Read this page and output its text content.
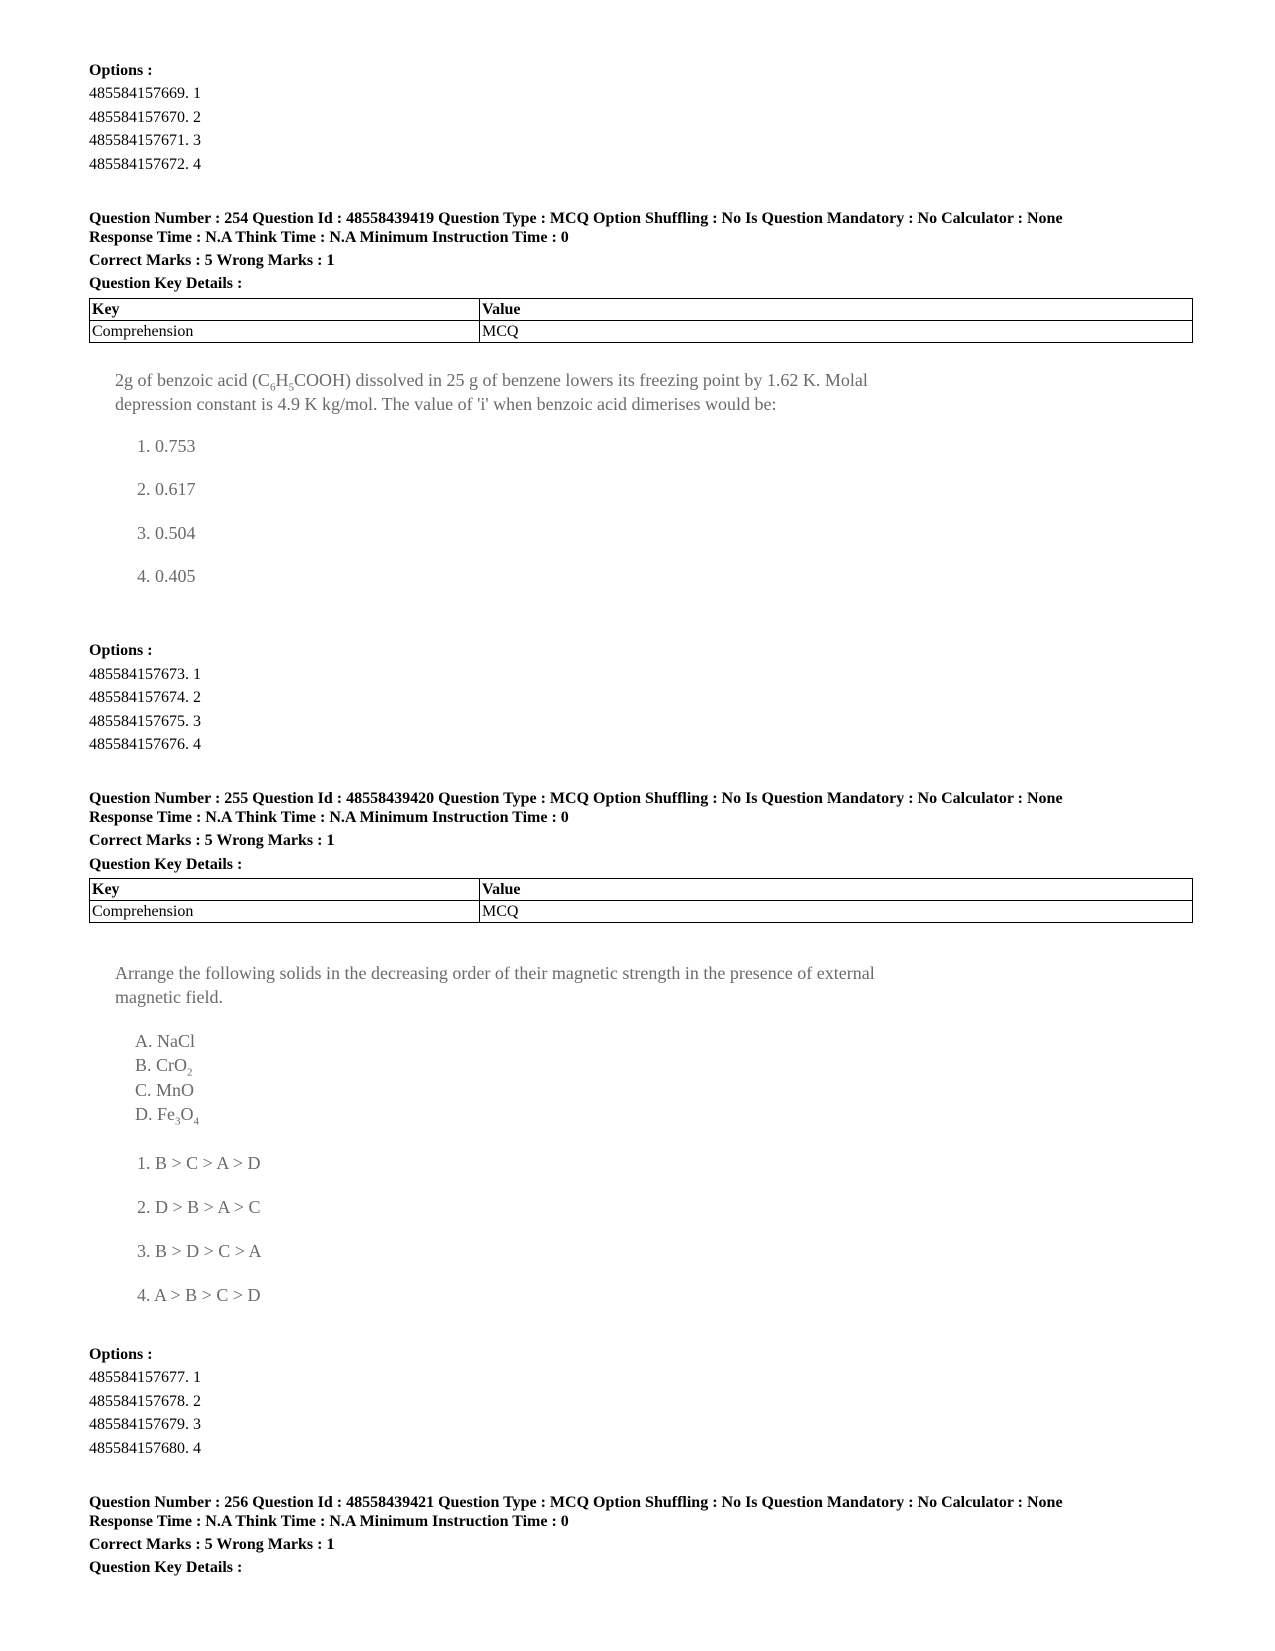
Options :
485584157669. 1
485584157670. 2
485584157671. 3
485584157672. 4
Question Number : 254 Question Id : 48558439419 Question Type : MCQ Option Shuffling : No Is Question Mandatory : No Calculator : None
Response Time : N.A Think Time : N.A Minimum Instruction Time : 0
Correct Marks : 5 Wrong Marks : 1
Question Key Details :
Key	Value
Comprehension	MCQ
2g of benzoic acid $(C_6H_5COOH)$ dissolved in 25 g of benzene lowers its freezing point by 1.62 K. Molal
depression constant is 4.9 K kg/mol. The value of 'i' when benzoic acid dimerises would be:
1. 0.753
2. 0.617
3. 0.504
4. 0.405
Options :
485584157673. 1
485584157674. 2
485584157675. 3
485584157676. 4
Question Number : 255 Question Id : 48558439420 Question Type : MCQ Option Shuffling : No Is Question Mandatory : No Calculator : None
Response Time : N.A Think Time : N.A Minimum Instruction Time : 0
Correct Marks : 5 Wrong Marks : 1
Question Key Details :
Key	Value
Comprehension	MCQ
Arrange the following solids in the decreasing order of their magnetic strength in the presence of external
magnetic field.
A. NaCl
B. CrO$_2$
C. MnO
D. $Fe_3O_4$
1. B > C > A > D
2. D > B > A > C
3. B > D > C > A
4. A > B > C > D
Options :
485584157677. 1
485584157678. 2
485584157679. 3
485584157680. 4
Question Number : 256 Question Id : 48558439421 Question Type : MCQ Option Shuffling : No Is Question Mandatory : No Calculator : None
Response Time : N.A Think Time : N.A Minimum Instruction Time : 0
Correct Marks : 5 Wrong Marks : 1
Question Key Details :
